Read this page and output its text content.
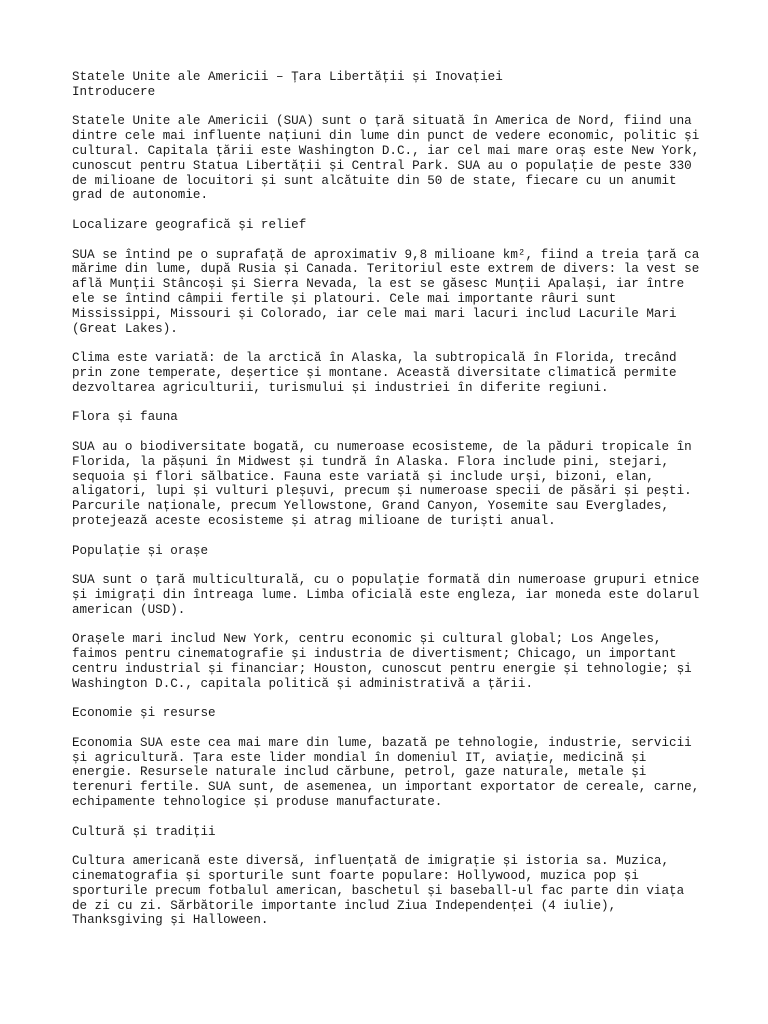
Statele Unite ale Americii – Țara Libertății și Inovației
Introducere
Statele Unite ale Americii (SUA) sunt o țară situată în America de Nord, fiind una
dintre cele mai influente națiuni din lume din punct de vedere economic, politic și
cultural. Capitala țării este Washington D.C., iar cel mai mare oraș este New York,
cunoscut pentru Statua Libertății și Central Park. SUA au o populație de peste 330
de milioane de locuitori și sunt alcătuite din 50 de state, fiecare cu un anumit
grad de autonomie.
Localizare geografică și relief
SUA se întind pe o suprafață de aproximativ 9,8 milioane km², fiind a treia țară ca
mărime din lume, după Rusia și Canada. Teritoriul este extrem de divers: la vest se
află Munții Stâncoși și Sierra Nevada, la est se găsesc Munții Apalași, iar între
ele se întind câmpii fertile și platouri. Cele mai importante râuri sunt
Mississippi, Missouri și Colorado, iar cele mai mari lacuri includ Lacurile Mari
(Great Lakes).
Clima este variată: de la arctică în Alaska, la subtropicală în Florida, trecând
prin zone temperate, deșertice și montane. Această diversitate climatică permite
dezvoltarea agriculturii, turismului și industriei în diferite regiuni.
Flora și fauna
SUA au o biodiversitate bogată, cu numeroase ecosisteme, de la păduri tropicale în
Florida, la pășuni în Midwest și tundră în Alaska. Flora include pini, stejari,
sequoia și flori sălbatice. Fauna este variată și include urși, bizoni, elan,
aligatori, lupi și vulturi pleșuvi, precum și numeroase specii de păsări și pești.
Parcurile naționale, precum Yellowstone, Grand Canyon, Yosemite sau Everglades,
protejează aceste ecosisteme și atrag milioane de turiști anual.
Populație și orașe
SUA sunt o țară multiculturală, cu o populație formată din numeroase grupuri etnice
și imigrați din întreaga lume. Limba oficială este engleza, iar moneda este dolarul
american (USD).
Orașele mari includ New York, centru economic și cultural global; Los Angeles,
faimos pentru cinematografie și industria de divertisment; Chicago, un important
centru industrial și financiar; Houston, cunoscut pentru energie și tehnologie; și
Washington D.C., capitala politică și administrativă a țării.
Economie și resurse
Economia SUA este cea mai mare din lume, bazată pe tehnologie, industrie, servicii
și agricultură. Țara este lider mondial în domeniul IT, aviație, medicină și
energie. Resursele naturale includ cărbune, petrol, gaze naturale, metale și
terenuri fertile. SUA sunt, de asemenea, un important exportator de cereale, carne,
echipamente tehnologice și produse manufacturate.
Cultură și tradiții
Cultura americană este diversă, influențată de imigrație și istoria sa. Muzica,
cinematografia și sporturile sunt foarte populare: Hollywood, muzica pop și
sporturile precum fotbalul american, baschetul și baseball-ul fac parte din viața
de zi cu zi. Sărbătorile importante includ Ziua Independenței (4 iulie),
Thanksgiving și Halloween.
